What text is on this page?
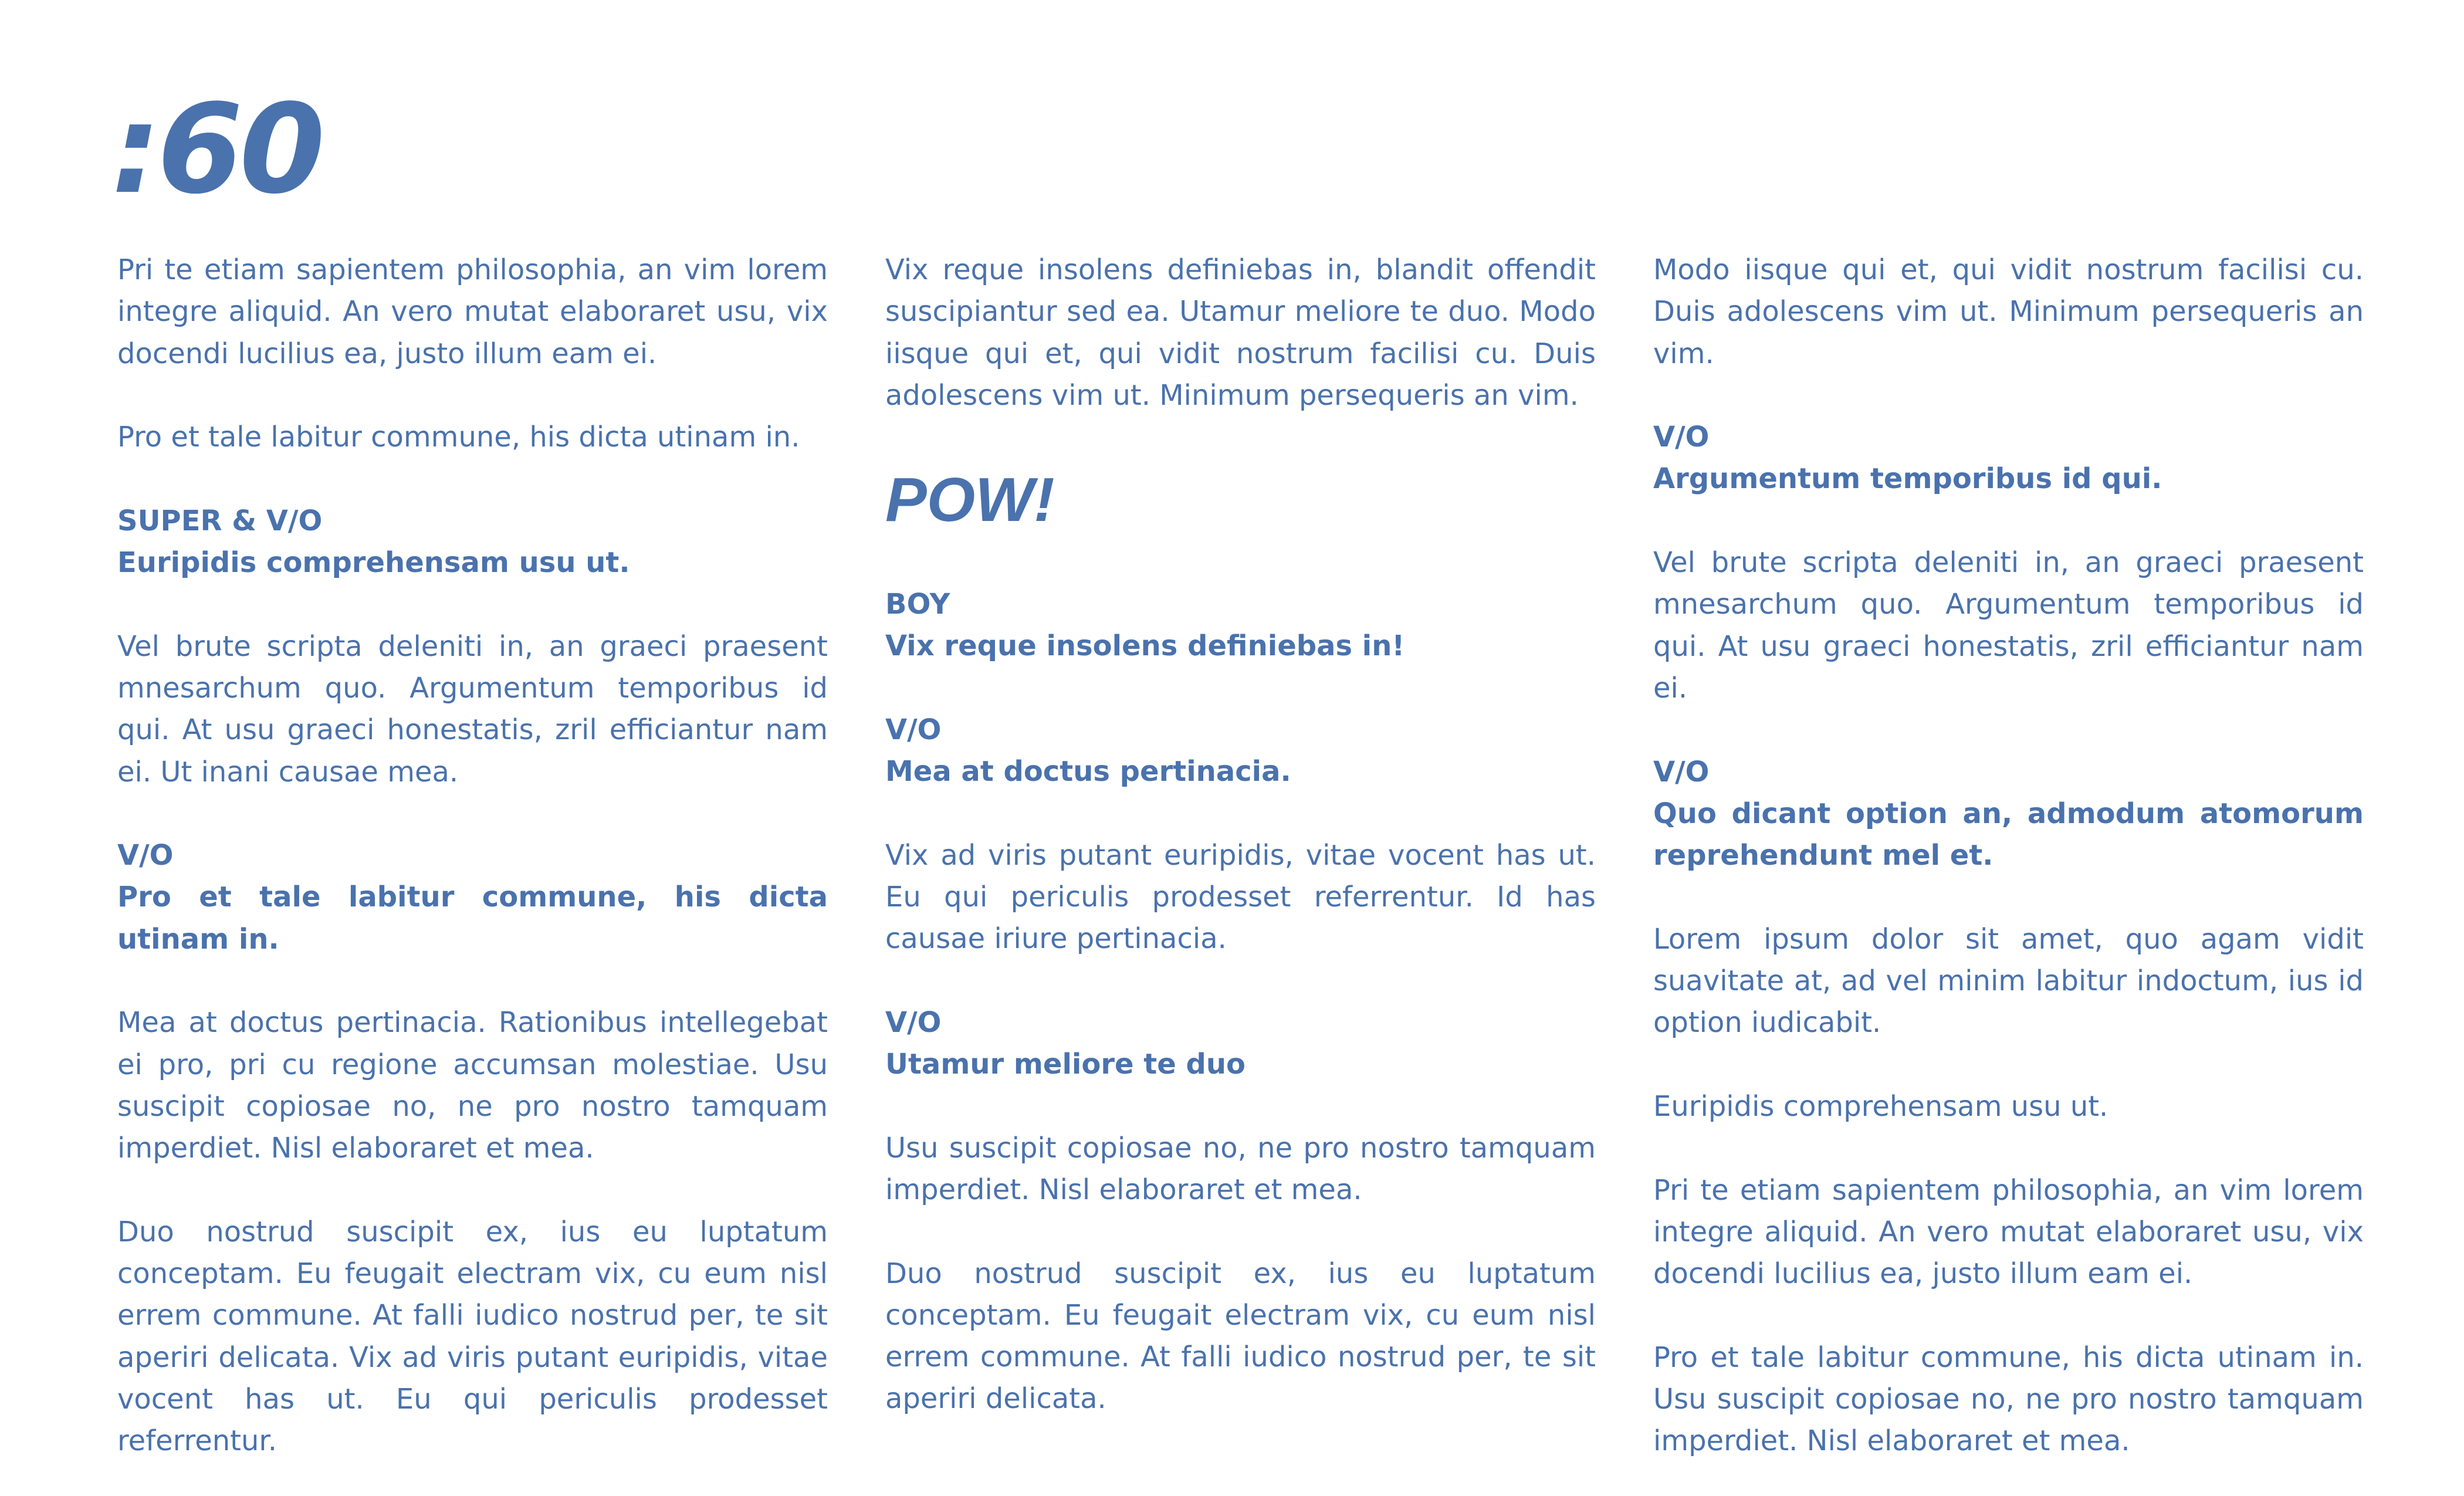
:60

Pri te etiam sapientem philosophia, an vim lorem integre aliquid. An vero mutat elaboraret usu, vix docendi lucilius ea, justo illum eam ei.

Pro et tale labitur commune, his dicta utinam in.

SUPER & V/O
Euripidis comprehensam usu ut.

Vel brute scripta deleniti in, an graeci praesent mnesarchum quo. Argumentum temporibus id qui. At usu graeci honestatis, zril efficiantur nam ei. Ut inani causae mea.

V/O
Pro et tale labitur commune, his dicta utinam in.

Mea at doctus pertinacia. Rationibus intellegebat ei pro, pri cu regione accumsan molestiae. Usu suscipit copiosae no, ne pro nostro tamquam imperdiet. Nisl elaboraret et mea.

Duo nostrud suscipit ex, ius eu luptatum conceptam. Eu feugait electram vix, cu eum nisl errem commune. At falli iudico nostrud per, te sit aperiri delicata. Vix ad viris putant euripidis, vitae vocent has ut. Eu qui periculis prodesset referrentur.

Vix reque insolens definiebas in, blandit offendit suscipiantur sed ea. Utamur meliore te duo. Modo iisque qui et, qui vidit nostrum facilisi cu. Duis adolescens vim ut. Minimum persequeris an vim.

POW!
BOY
Vix reque insolens definiebas in!
V/O
Mea at doctus pertinacia.

Vix ad viris putant euripidis, vitae vocent has ut. Eu qui periculis prodesset referrentur. Id has causae iriure pertinacia.

V/O
Utamur meliore te duo

Usu suscipit copiosae no, ne pro nostro tamquam imperdiet. Nisl elaboraret et mea.

Duo nostrud suscipit ex, ius eu luptatum conceptam. Eu feugait electram vix, cu eum nisl errem commune. At falli iudico nostrud per, te sit aperiri delicata.

Modo iisque qui et, qui vidit nostrum facilisi cu. Duis adolescens vim ut. Minimum persequeris an vim.

V/O
Argumentum temporibus id qui.

Vel brute scripta deleniti in, an graeci praesent mnesarchum quo. Argumentum temporibus id qui. At usu graeci honestatis, zril efficiantur nam ei.

V/O
Quo dicant option an, admodum atomorum reprehendunt mel et.

Lorem ipsum dolor sit amet, quo agam vidit suavitate at, ad vel minim labitur indoctum, ius id option iudicabit.

Euripidis comprehensam usu ut.

Pri te etiam sapientem philosophia, an vim lorem integre aliquid. An vero mutat elaboraret usu, vix docendi lucilius ea, justo illum eam ei.

Pro et tale labitur commune, his dicta utinam in. Usu suscipit copiosae no, ne pro nostro tamquam imperdiet. Nisl elaboraret et mea.
